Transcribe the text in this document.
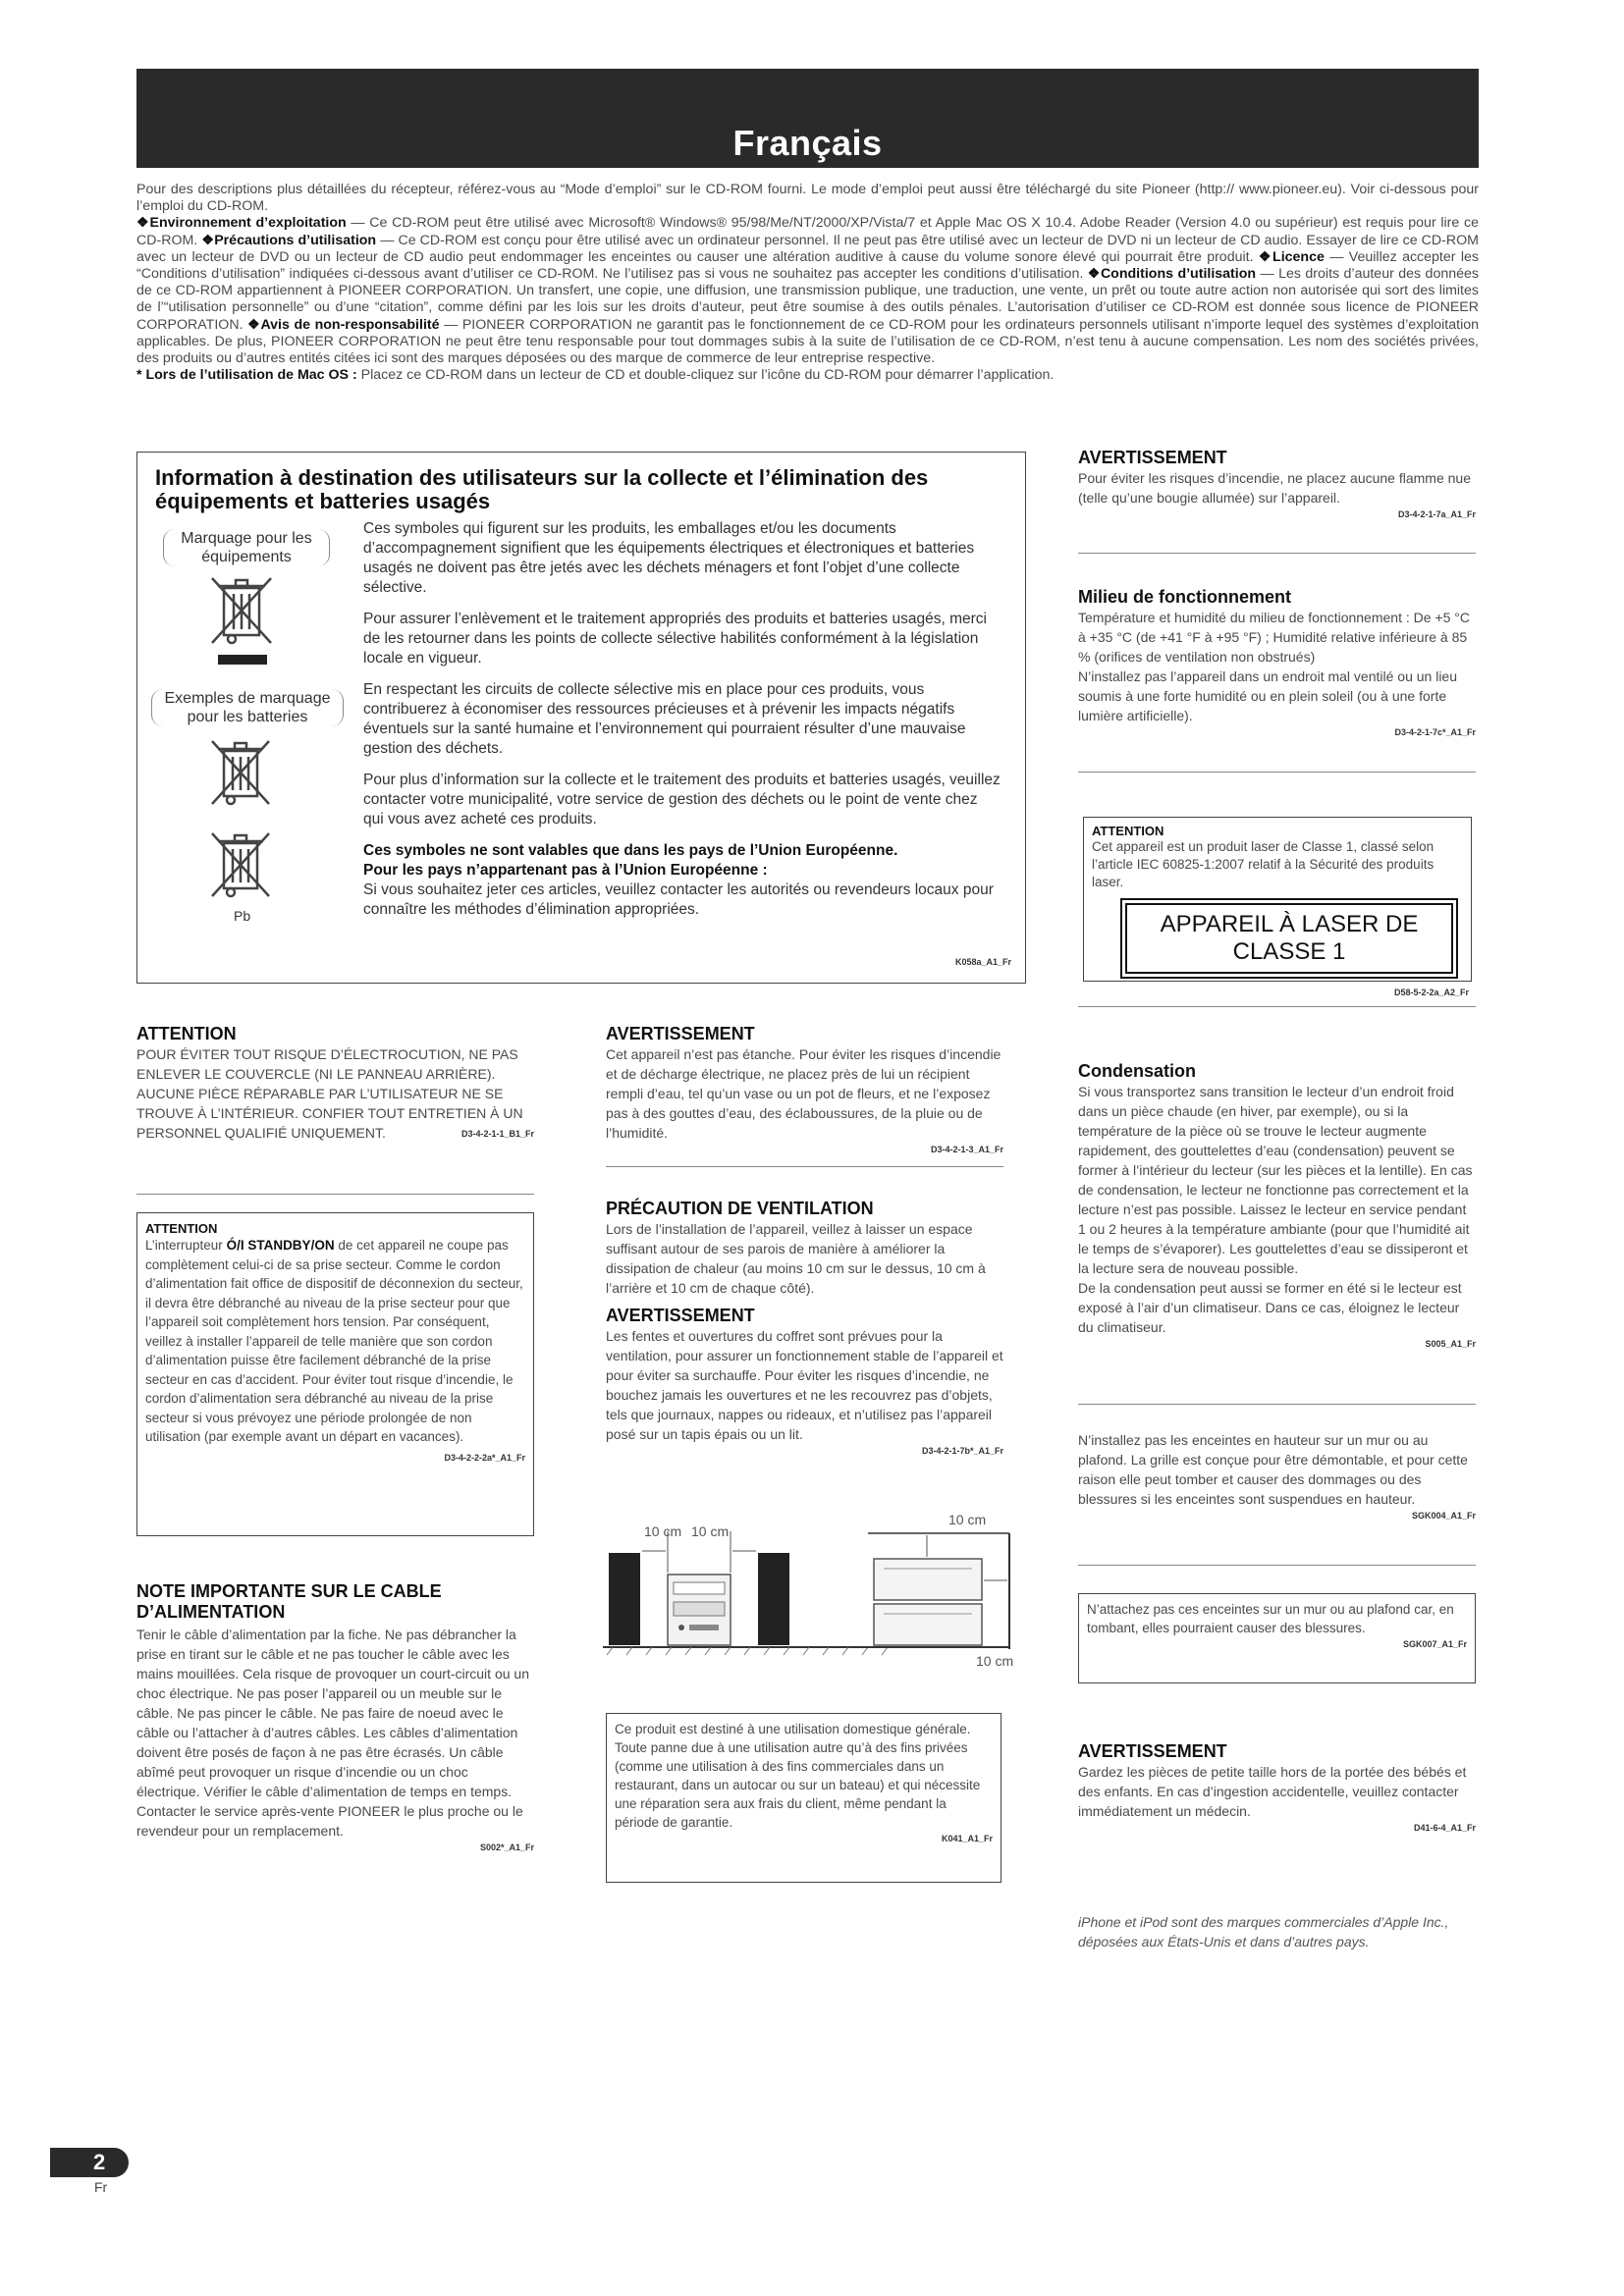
Français

Pour des descriptions plus détaillées du récepteur, référez-vous au “Mode d’emploi” sur le CD-ROM fourni. Le mode d’emploi peut aussi être téléchargé du site Pioneer (http:// www.pioneer.eu). Voir ci-dessous pour l’emploi du CD-ROM.

❖Environnement d’exploitation — Ce CD-ROM peut être utilisé avec Microsoft® Windows® 95/98/Me/NT/2000/XP/Vista/7 et Apple Mac OS X 10.4. Adobe Reader (Version 4.0 ou supérieur) est requis pour lire ce CD-ROM. ❖Précautions d’utilisation — Ce CD-ROM est conçu pour être utilisé avec un ordinateur personnel. Il ne peut pas être utilisé avec un lecteur de DVD ni un lecteur de CD audio. Essayer de lire ce CD-ROM avec un lecteur de DVD ou un lecteur de CD audio peut endommager les enceintes ou causer une altération auditive à cause du volume sonore élevé qui pourrait être produit. ❖Licence — Veuillez accepter les “Conditions d’utilisation” indiquées ci-dessous avant d’utiliser ce CD-ROM. Ne l’utilisez pas si vous ne souhaitez pas accepter les conditions d’utilisation. ❖Conditions d’utilisation — Les droits d’auteur des données de ce CD-ROM appartiennent à PIONEER CORPORATION. Un transfert, une copie, une diffusion, une transmission publique, une traduction, une vente, un prêt ou toute autre action non autorisée qui sort des limites de l’“utilisation personnelle” ou d’une “citation”, comme défini par les lois sur les droits d’auteur, peut être soumise à des outils pénales. L’autorisation d’utiliser ce CD-ROM est donnée sous licence de PIONEER CORPORATION. ❖Avis de non-responsabilité — PIONEER CORPORATION ne garantit pas le fonctionnement de ce CD-ROM pour les ordinateurs personnels utilisant n’importe lequel des systèmes d’exploitation applicables. De plus, PIONEER CORPORATION ne peut être tenu responsable pour tout dommages subis à la suite de l’utilisation de ce CD-ROM, n’est tenu à aucune compensation. Les nom des sociétés privées, des produits ou d’autres entités citées ici sont des marques déposées ou des marque de commerce de leur entreprise respective.

* Lors de l’utilisation de Mac OS : Placez ce CD-ROM dans un lecteur de CD et double-cliquez sur l’icône du CD-ROM pour démarrer l’application.

Information à destination des utilisateurs sur la collecte et l’élimination des équipements et batteries usagés
Marquage pour les équipements
Exemples de marquage pour les batteries
Pb

Ces symboles qui figurent sur les produits, les emballages et/ou les documents d’accompagnement signifient que les équipements électriques et électroniques et batteries usagés ne doivent pas être jetés avec les déchets ménagers et font l’objet d’une collecte sélective.

Pour assurer l’enlèvement et le traitement appropriés des produits et batteries usagés, merci de les retourner dans les points de collecte sélective habilités conformément à la législation locale en vigueur.

En respectant les circuits de collecte sélective mis en place pour ces produits, vous contribuerez à économiser des ressources précieuses et à prévenir les impacts négatifs éventuels sur la santé humaine et l’environnement qui pourraient résulter d’une mauvaise gestion des déchets.

Pour plus d’information sur la collecte et le traitement des produits et batteries usagés, veuillez contacter votre municipalité, votre service de gestion des déchets ou le point de vente chez qui vous avez acheté ces produits.

Ces symboles ne sont valables que dans les pays de l’Union Européenne.
Pour les pays n’appartenant pas à l’Union Européenne :
Si vous souhaitez jeter ces articles, veuillez contacter les autorités ou revendeurs locaux pour connaître les méthodes d’élimination appropriées.

K058a_A1_Fr
AVERTISSEMENT
Pour éviter les risques d’incendie, ne placez aucune flamme nue (telle qu’une bougie allumée) sur l’appareil.
D3-4-2-1-7a_A1_Fr
Milieu de fonctionnement
Température et humidité du milieu de fonctionnement : De +5 °C à +35 °C (de +41 °F à +95 °F) ; Humidité relative inférieure à 85 % (orifices de ventilation non obstrués)
N’installez pas l’appareil dans un endroit mal ventilé ou un lieu soumis à une forte humidité ou en plein soleil (ou à une forte lumière artificielle).
D3-4-2-1-7c*_A1_Fr
ATTENTION
Cet appareil est un produit laser de Classe 1, classé selon l’article IEC 60825-1:2007 relatif à la Sécurité des produits laser.
APPAREIL À LASER DE CLASSE 1
D58-5-2-2a_A2_Fr
Condensation
Si vous transportez sans transition le lecteur d’un endroit froid dans un pièce chaude (en hiver, par exemple), ou si la température de la pièce où se trouve le lecteur augmente rapidement, des gouttelettes d’eau (condensation) peuvent se former à l’intérieur du lecteur (sur les pièces et la lentille). En cas de condensation, le lecteur ne fonctionne pas correctement et la lecture n’est pas possible. Laissez le lecteur en service pendant 1 ou 2 heures à la température ambiante (pour que l’humidité ait le temps de s’évaporer). Les gouttelettes d’eau se dissiperont et la lecture sera de nouveau possible.
De la condensation peut aussi se former en été si le lecteur est exposé à l’air d’un climatiseur. Dans ce cas, éloignez le lecteur du climatiseur.
S005_A1_Fr
N’installez pas les enceintes en hauteur sur un mur ou au plafond. La grille est conçue pour être démontable, et pour cette raison elle peut tomber et causer des dommages ou des blessures si les enceintes sont suspendues en hauteur.
SGK004_A1_Fr
N’attachez pas ces enceintes sur un mur ou au plafond car, en tombant, elles pourraient causer des blessures.
SGK007_A1_Fr
AVERTISSEMENT
Gardez les pièces de petite taille hors de la portée des bébés et des enfants. En cas d’ingestion accidentelle, veuillez contacter immédiatement un médecin.
D41-6-4_A1_Fr
iPhone et iPod sont des marques commerciales d’Apple Inc., déposées aux États-Unis et dans d’autres pays.
ATTENTION
POUR ÉVITER TOUT RISQUE D’ÉLECTROCUTION, NE PAS ENLEVER LE COUVERCLE (NI LE PANNEAU ARRIÈRE). AUCUNE PIÈCE RÉPARABLE PAR L’UTILISATEUR NE SE TROUVE À L’INTÉRIEUR. CONFIER TOUT ENTRETIEN À UN PERSONNEL QUALIFIÉ UNIQUEMENT.	D3-4-2-1-1_B1_Fr
ATTENTION
L’interrupteur Ó/I STANDBY/ON de cet appareil ne coupe pas complètement celui-ci de sa prise secteur. Comme le cordon d’alimentation fait office de dispositif de déconnexion du secteur, il devra être débranché au niveau de la prise secteur pour que l’appareil soit complètement hors tension. Par conséquent, veillez à installer l’appareil de telle manière que son cordon d’alimentation puisse être facilement débranché de la prise secteur en cas d’accident. Pour éviter tout risque d’incendie, le cordon d’alimentation sera débranché au niveau de la prise secteur si vous prévoyez une période prolongée de non utilisation (par exemple avant un départ en vacances).
D3-4-2-2-2a*_A1_Fr
NOTE IMPORTANTE SUR LE CABLE D’ALIMENTATION
Tenir le câble d’alimentation par la fiche. Ne pas débrancher la prise en tirant sur le câble et ne pas toucher le câble avec les mains mouillées. Cela risque de provoquer un court-circuit ou un choc électrique. Ne pas poser l’appareil ou un meuble sur le câble. Ne pas pincer le câble. Ne pas faire de noeud avec le câble ou l’attacher à d’autres câbles. Les câbles d’alimentation doivent être posés de façon à ne pas être écrasés. Un câble abîmé peut provoquer un risque d’incendie ou un choc électrique. Vérifier le câble d’alimentation de temps en temps. Contacter le service après-vente PIONEER le plus proche ou le revendeur pour un remplacement.
S002*_A1_Fr
AVERTISSEMENT
Cet appareil n’est pas étanche. Pour éviter les risques d’incendie et de décharge électrique, ne placez près de lui un récipient rempli d’eau, tel qu’un vase ou un pot de fleurs, et ne l’exposez pas à des gouttes d’eau, des éclaboussures, de la pluie ou de l’humidité.
D3-4-2-1-3_A1_Fr
PRÉCAUTION DE VENTILATION
Lors de l’installation de l’appareil, veillez à laisser un espace suffisant autour de ses parois de manière à améliorer la dissipation de chaleur (au moins 10 cm sur le dessus, 10 cm à l’arrière et 10 cm de chaque côté).
AVERTISSEMENT
Les fentes et ouvertures du coffret sont prévues pour la ventilation, pour assurer un fonctionnement stable de l’appareil et pour éviter sa surchauffe. Pour éviter les risques d’incendie, ne bouchez jamais les ouvertures et ne les recouvrez pas d’objets, tels que journaux, nappes ou rideaux, et n’utilisez pas l’appareil posé sur un tapis épais ou un lit.
D3-4-2-1-7b*_A1_Fr
10 cm 10 cm
10 cm
10 cm
Ce produit est destiné à une utilisation domestique générale. Toute panne due à une utilisation autre qu’à des fins privées (comme une utilisation à des fins commerciales dans un restaurant, dans un autocar ou sur un bateau) et qui nécessite une réparation sera aux frais du client, même pendant la période de garantie.
K041_A1_Fr
2
Fr
